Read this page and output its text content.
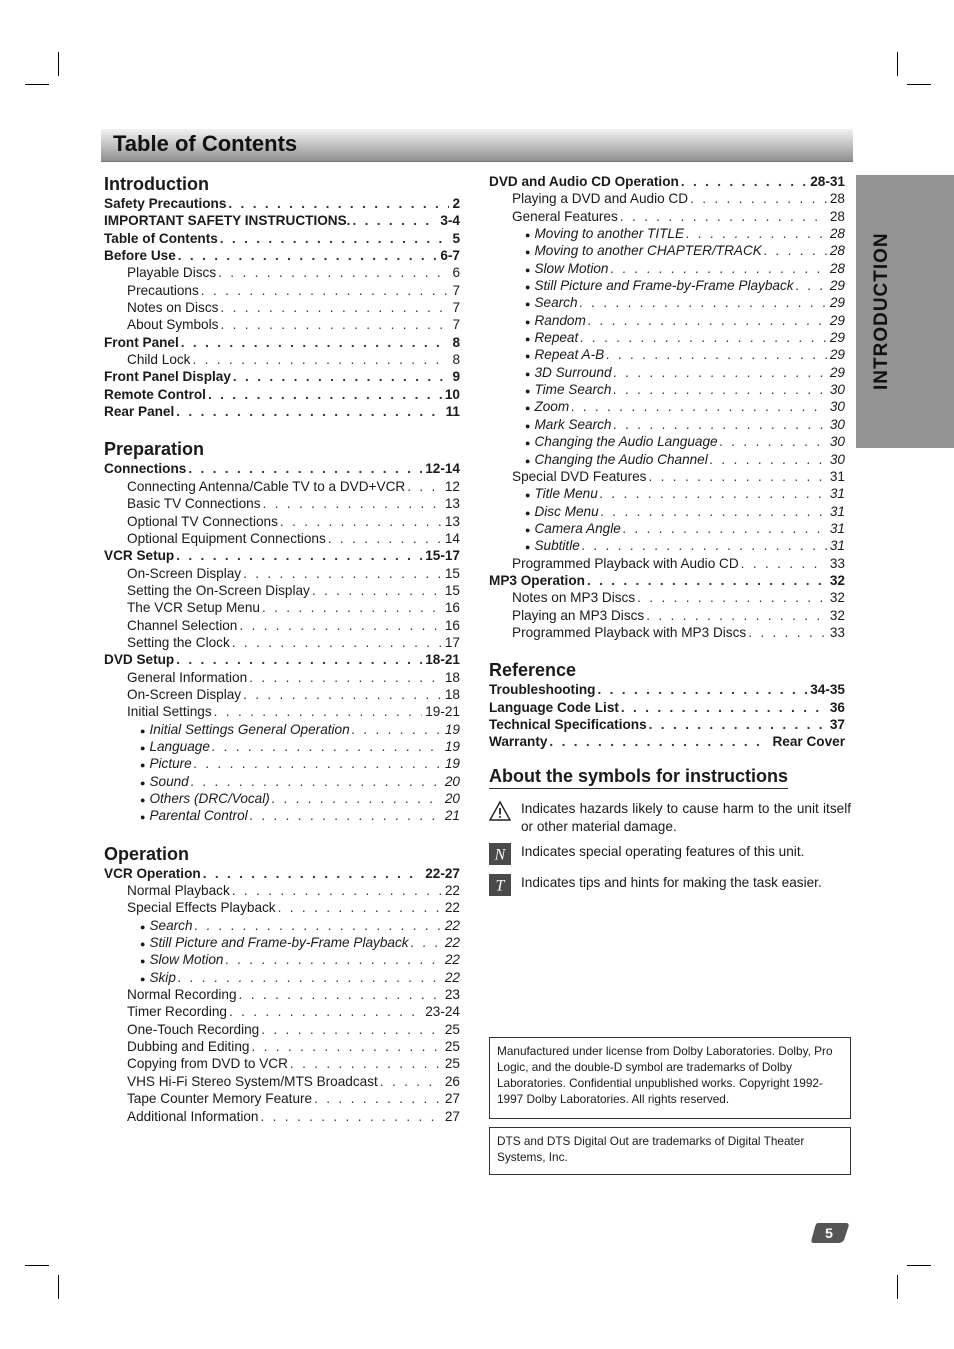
Table of Contents
INTRODUCTION
Introduction
Safety Precautions . . .	2
IMPORTANT SAFETY INSTRUCTIONS. . . .	3-4
Table of Contents . . .	5
Before Use . . .	6-7
Playable Discs . . .	6
Precautions . . .	7
Notes on Discs . . .	7
About Symbols . . .	7
Front Panel . . .	8
Child Lock . . .	8
Front Panel Display . . .	9
Remote Control . . .	10
Rear Panel . . .	11
Preparation
Connections . . .	12-14
Connecting Antenna/Cable TV to a DVD+VCR . . .	12
Basic TV Connections . . .	13
Optional TV Connections . . .	13
Optional Equipment Connections . . .	14
VCR Setup . . .	15-17
On-Screen Display . . .	15
Setting the On-Screen Display . . .	15
The VCR Setup Menu . . .	16
Channel Selection . . .	16
Setting the Clock . . .	17
DVD Setup . . .	18-21
General Information . . .	18
On-Screen Display . . .	18
Initial Settings . . .	19-21
● Initial Settings General Operation . . .	19
● Language . . .	19
● Picture . . .	19
● Sound . . .	20
● Others (DRC/Vocal) . . .	20
● Parental Control . . .	21
Operation
VCR Operation . . .	22-27
Normal Playback . . .	22
Special Effects Playback . . .	22
● Search . . .	22
● Still Picture and Frame-by-Frame Playback . . .	22
● Slow Motion . . .	22
● Skip . . .	22
Normal Recording . . .	23
Timer Recording . . .	23-24
One-Touch Recording . . .	25
Dubbing and Editing . . .	25
Copying from DVD to VCR . . .	25
VHS Hi-Fi Stereo System/MTS Broadcast . . .	26
Tape Counter Memory Feature . . .	27
Additional Information . . .	27
DVD and Audio CD Operation . . .	28-31
Playing a DVD and Audio CD . . .	28
General Features . . .	28
● Moving to another TITLE . . .	28
● Moving to another CHAPTER/TRACK . . .	28
● Slow Motion . . .	28
● Still Picture and Frame-by-Frame Playback . . .	29
● Search . . .	29
● Random . . .	29
● Repeat . . .	29
● Repeat A-B . . .	29
● 3D Surround . . .	29
● Time Search . . .	30
● Zoom . . .	30
● Mark Search . . .	30
● Changing the Audio Language . . .	30
● Changing the Audio Channel . . .	30
Special DVD Features . . .	31
● Title Menu . . .	31
● Disc Menu . . .	31
● Camera Angle . . .	31
● Subtitle . . .	31
Programmed Playback with Audio CD . . .	33
MP3 Operation . . .	32
Notes on MP3 Discs . . .	32
Playing an MP3 Discs . . .	32
Programmed Playback with MP3 Discs . . .	33
Reference
Troubleshooting . . .	34-35
Language Code List . . .	36
Technical Specifications . . .	37
Warranty . . .	Rear Cover
About the symbols for instructions
Indicates hazards likely to cause harm to the unit itself or other material damage.
N Indicates special operating features of this unit.
T Indicates tips and hints for making the task easier.
Manufactured under license from Dolby Laboratories. Dolby, Pro Logic, and the double-D symbol are trademarks of Dolby Laboratories. Confidential unpublished works. Copyright 1992-1997 Dolby Laboratories. All rights reserved.
DTS and DTS Digital Out are trademarks of Digital Theater Systems, Inc.
5
